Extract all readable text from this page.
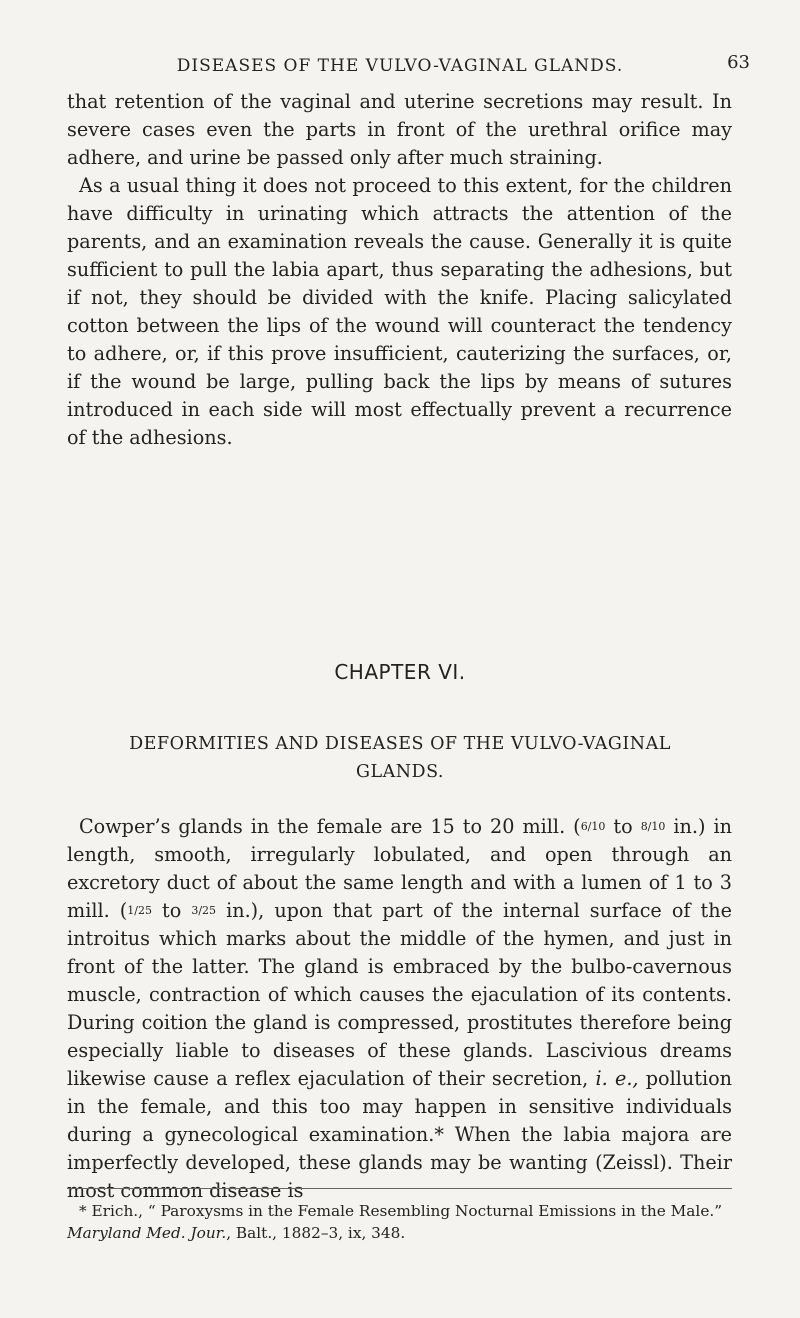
DISEASES OF THE VULVO-VAGINAL GLANDS.	63

that retention of the vaginal and uterine secretions may result. In severe cases even the parts in front of the urethral orifice may adhere, and urine be passed only after much straining.

As a usual thing it does not proceed to this extent, for the children have difficulty in urinating which attracts the attention of the parents, and an examination reveals the cause. Generally it is quite sufficient to pull the labia apart, thus separating the adhesions, but if not, they should be divided with the knife. Placing salicylated cotton between the lips of the wound will counteract the tendency to adhere, or, if this prove insufficient, cauterizing the surfaces, or, if the wound be large, pulling back the lips by means of sutures introduced in each side will most effectually prevent a recurrence of the adhesions.

CHAPTER VI.
DEFORMITIES AND DISEASES OF THE VULVO-VAGINAL GLANDS.

Cowper’s glands in the female are 15 to 20 mill. (6/10 to 8/10 in.) in length, smooth, irregularly lobulated, and open through an excretory duct of about the same length and with a lumen of 1 to 3 mill. (1/25 to 3/25 in.), upon that part of the internal surface of the introitus which marks about the middle of the hymen, and just in front of the latter. The gland is embraced by the bulbo-cavernous muscle, contraction of which causes the ejaculation of its contents. During coition the gland is compressed, prostitutes therefore being especially liable to diseases of these glands. Lascivious dreams likewise cause a reflex ejaculation of their secretion, i. e., pollution in the female, and this too may happen in sensitive individuals during a gynecological examination.* When the labia majora are imperfectly developed, these glands may be wanting (Zeissl). Their most common disease is

* Erich., “ Paroxysms in the Female Resembling Nocturnal Emissions in the Male.” Maryland Med. Jour., Balt., 1882–3, ix, 348.
